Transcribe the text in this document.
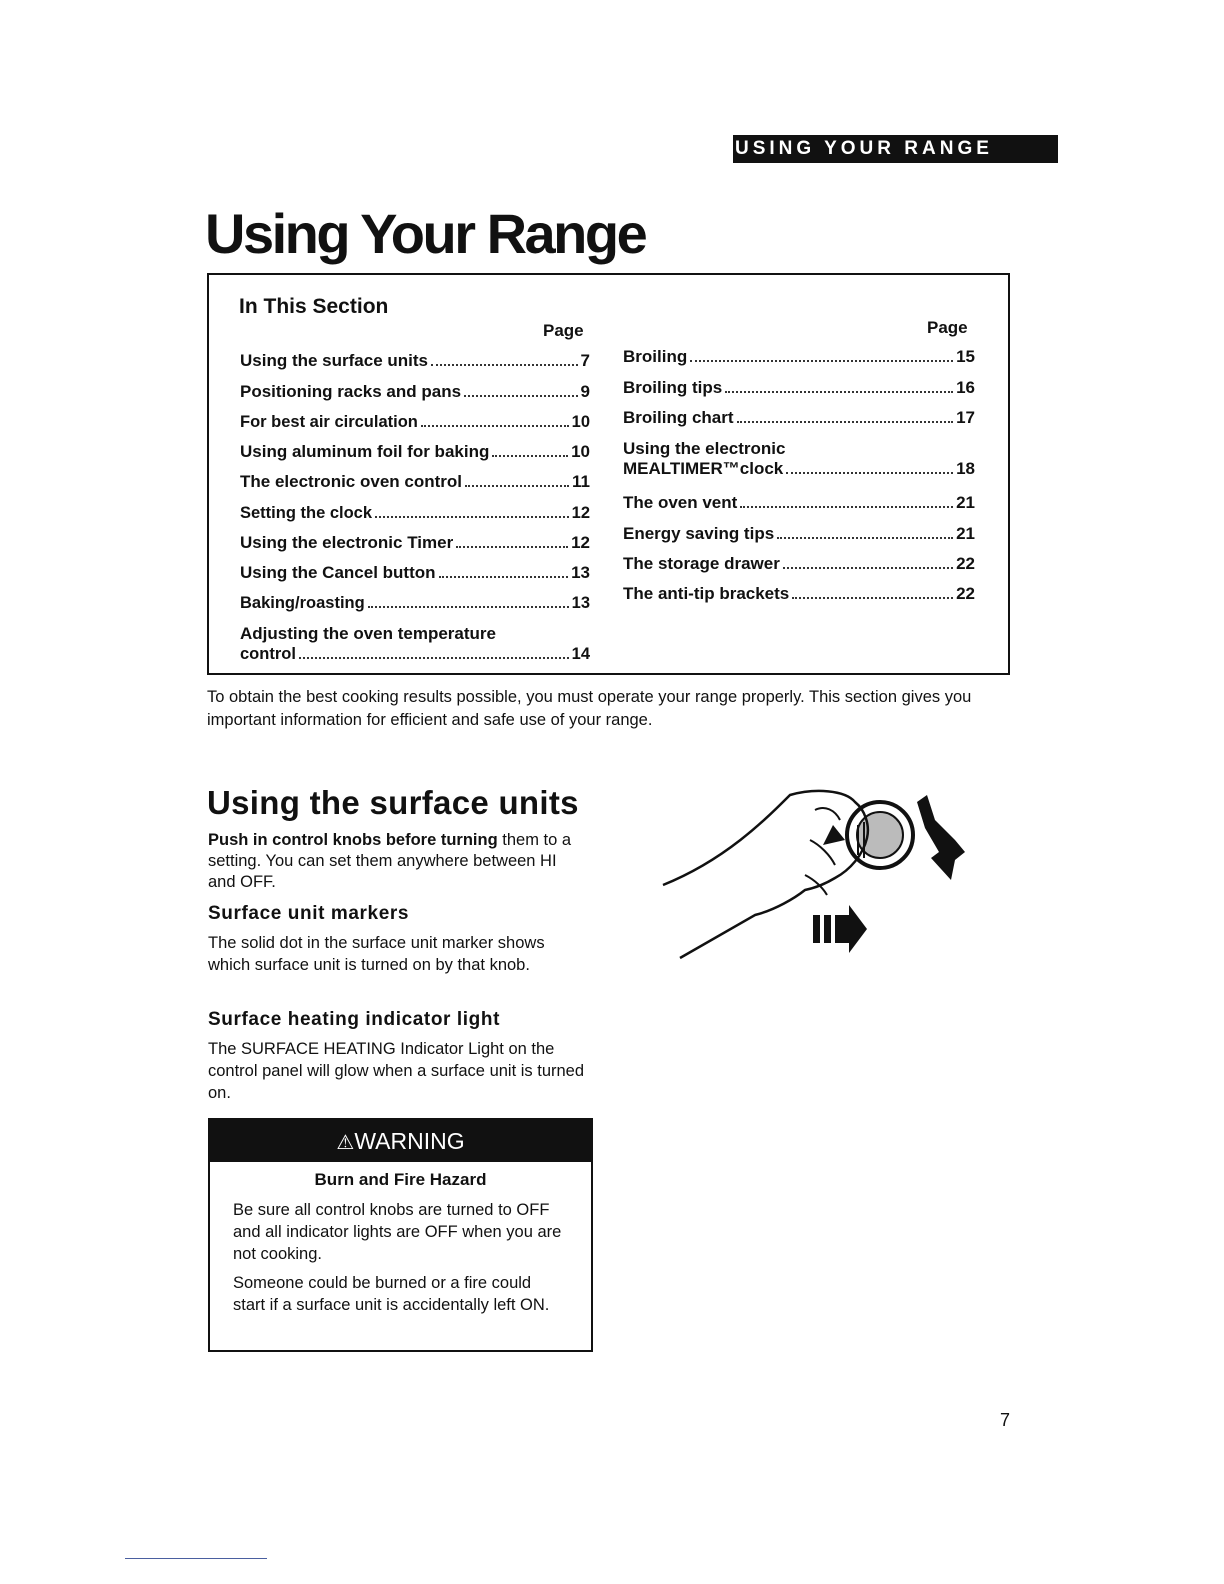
USING YOUR RANGE
Using Your Range
In This Section
Page	Page
Using the surface units	7
Positioning racks and pans	9
For best air circulation	10
Using aluminum foil for baking	10
The electronic oven control	11
Setting the clock	12
Using the electronic Timer	12
Using the Cancel button	13
Baking/roasting	13
Adjusting the oven temperature
control	14
Broiling	15
Broiling tips	16
Broiling chart	17
Using the electronic
MEALTIMER™clock	18
The oven vent	21
Energy saving tips	21
The storage drawer	22
The anti-tip brackets	22
To obtain the best cooking results possible, you must operate your range properly. This section gives you important information for efficient and safe use of your range.
Using the surface units
Push in control knobs before turning them to a setting. You can set them anywhere between HI and OFF.
Surface unit markers
The solid dot in the surface unit marker shows which surface unit is turned on by that knob.
Surface heating indicator light
The SURFACE HEATING Indicator Light on the control panel will glow when a surface unit is turned on.
⚠WARNING
Burn and Fire Hazard
Be sure all control knobs are turned to OFF and all indicator lights are OFF when you are not cooking.
Someone could be burned or a fire could start if a surface unit is accidentally left ON.
7
